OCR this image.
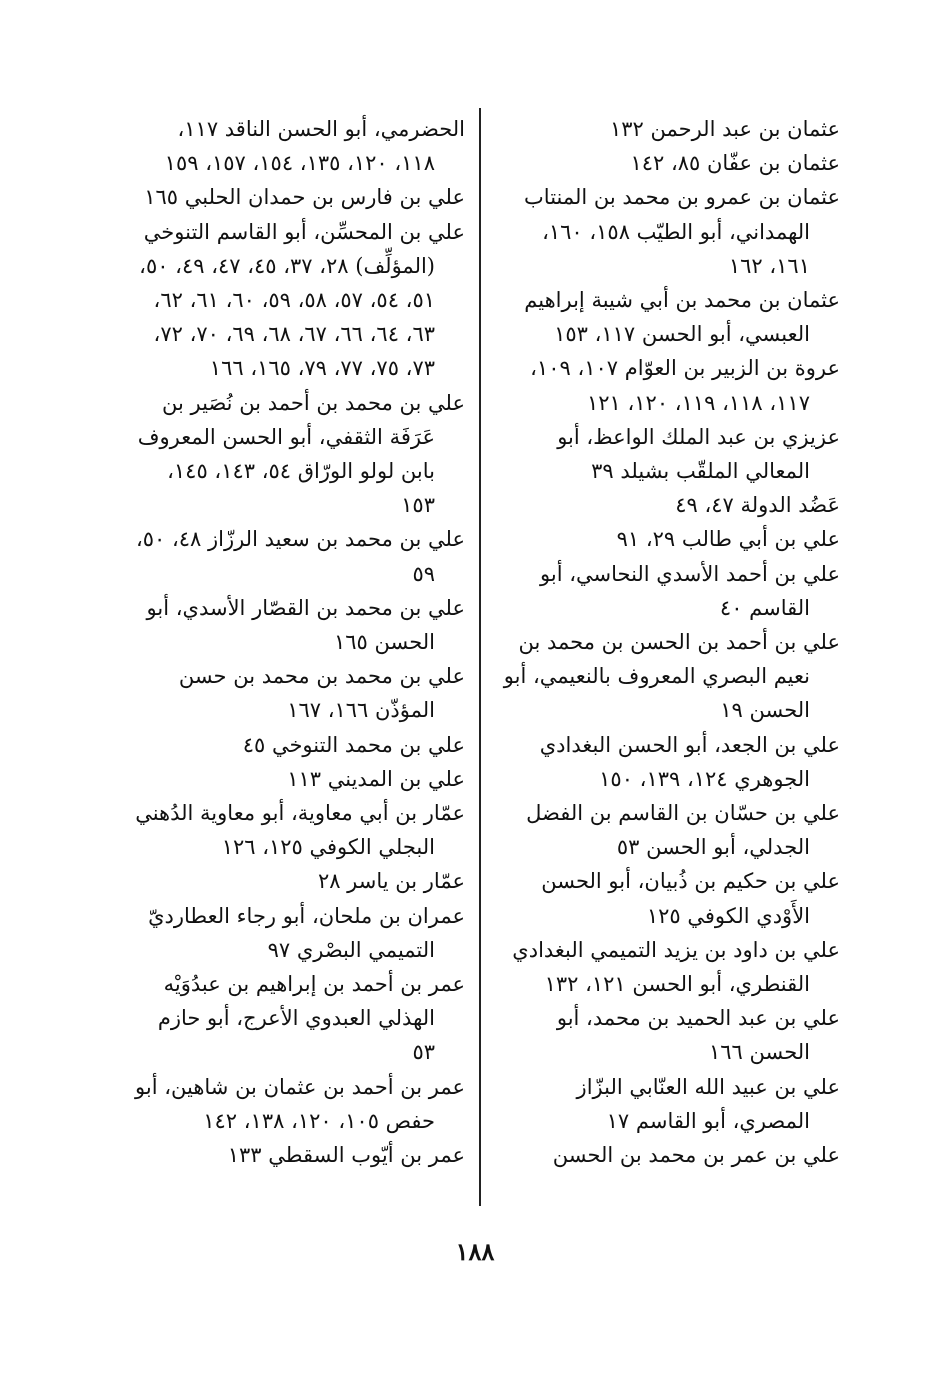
عثمان بن عبد الرحمن ١٣٢
عثمان بن عفّان ٨٥، ١٤٢
عثمان بن عمرو بن محمد بن المنتاب الهمداني، أبو الطيّب ١٥٨، ١٦٠، ١٦١، ١٦٢
عثمان بن محمد بن أبي شيبة إبراهيم العبسي، أبو الحسن ١١٧، ١٥٣
عروة بن الزبير بن العوّام ١٠٧، ١٠٩، ١١٧، ١١٨، ١١٩، ١٢٠، ١٢١
عزيزي بن عبد الملك الواعظ، أبو المعالي الملقّب بشيلد ٣٩
عَضُد الدولة ٤٧، ٤٩
علي بن أبي طالب ٢٩، ٩١
علي بن أحمد الأسدي النحاسي، أبو القاسم ٤٠
علي بن أحمد بن الحسن بن محمد بن نعيم البصري المعروف بالنعيمي، أبو الحسن ١٩
علي بن الجعد، أبو الحسن البغدادي الجوهري ١٢٤، ١٣٩، ١٥٠
علي بن حسّان بن القاسم بن الفضل الجدلي، أبو الحسن ٥٣
علي بن حكيم بن ذُبيان، أبو الحسن الأَوْدي الكوفي ١٢٥
علي بن داود بن يزيد التميمي البغدادي القنطري، أبو الحسن ١٢١، ١٣٢
علي بن عبد الحميد بن محمد، أبو الحسن ١٦٦
علي بن عبيد الله العنّابي البزّاز المصري، أبو القاسم ١٧
علي بن عمر بن محمد بن الحسن
الحضرمي، أبو الحسن الناقد ١١٧، ١١٨، ١٢٠، ١٣٥، ١٥٤، ١٥٧، ١٥٩
علي بن فارس بن حمدان الحلبي ١٦٥
علي بن المحسِّن، أبو القاسم التنوخي (المؤلِّف) ٢٨، ٣٧، ٤٥، ٤٧، ٤٩، ٥٠، ٥١، ٥٤، ٥٧، ٥٨، ٥٩، ٦٠، ٦١، ٦٢، ٦٣، ٦٤، ٦٦، ٦٧، ٦٨، ٦٩، ٧٠، ٧٢، ٧٣، ٧٥، ٧٧، ٧٩، ١٦٥، ١٦٦
علي بن محمد بن أحمد بن نُصَير بن عَرَفَة الثقفي، أبو الحسن المعروف بابن لولو الورّاق ٥٤، ١٤٣، ١٤٥، ١٥٣
علي بن محمد بن سعيد الرزّاز ٤٨، ٥٠، ٥٩
علي بن محمد بن القصّار الأسدي، أبو الحسن ١٦٥
علي بن محمد بن محمد بن حسن المؤذّن ١٦٦، ١٦٧
علي بن محمد التنوخي ٤٥
علي بن المديني ١١٣
عمّار بن أبي معاوية، أبو معاوية الدُهني البجلي الكوفي ١٢٥، ١٢٦
عمّار بن ياسر ٢٨
عمران بن ملحان، أبو رجاء العطارديّ التميمي البصْري ٩٧
عمر بن أحمد بن إبراهيم بن عبدُوَيْه الهذلي العبدوي الأعرج، أبو حازم ٥٣
عمر بن أحمد بن عثمان بن شاهين، أبو حفص ١٠٥، ١٢٠، ١٣٨، ١٤٢
عمر بن أيّوب السقطي ١٣٣
١٨٨
